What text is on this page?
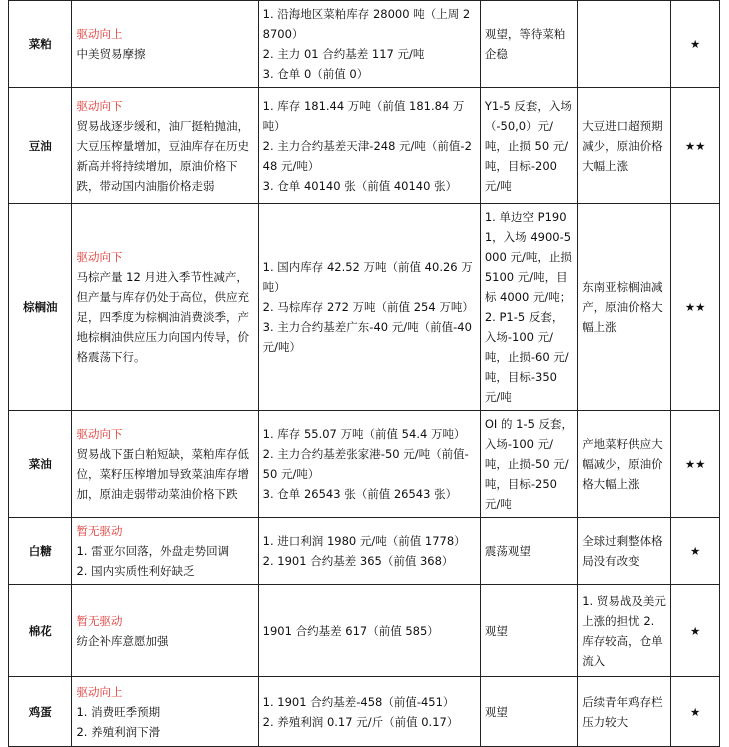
菜粕	驱动向上
中美贸易摩擦	1. 沿海地区菜粕库存 28000 吨（上周 28700）
2. 主力 01 合约基差 117 元/吨
3. 仓单 0（前值 0）	观望，等待菜粕企稳		★
豆油	驱动向下
贸易战逐步缓和，油厂挺粕抛油，大豆压榨量增加，豆油库存在历史新高并将持续增加，原油价格下跌，带动国内油脂价格走弱	1. 库存 181.44 万吨（前值 181.84 万吨）
2. 主力合约基差天津-248 元/吨（前值-248 元/吨）
3. 仓单 40140 张（前值 40140 张）	Y1-5 反套，入场（-50,0）元/吨，止损 50 元/吨，目标-200 元/吨	大豆进口超预期减少，原油价格大幅上涨	★★
棕榈油	驱动向下
马棕产量 12 月进入季节性减产，但产量与库存仍处于高位，供应充足，四季度为棕榈油消费淡季，产地棕榈油供应压力向国内传导，价格震荡下行。	1. 国内库存 42.52 万吨（前值 40.26 万吨）
2. 马棕库存 272 万吨（前值 254 万吨）
3. 主力合约基差广东-40 元/吨（前值-40 元/吨）	1. 单边空 P1901，入场 4900-5000 元/吨，止损 5100 元/吨，目标 4000 元/吨；2. P1-5 反套，入场-100 元/吨，止损-60 元/吨，目标-350 元/吨	东南亚棕榈油减产，原油价格大幅上涨	★★
菜油	驱动向下
贸易战下蛋白粕短缺，菜粕库存低位，菜籽压榨增加导致菜油库存增加，原油走弱带动菜油价格下跌	1. 库存 55.07 万吨（前值 54.4 万吨）
2. 主力合约基差张家港-50 元/吨（前值-50 元/吨）
3. 仓单 26543 张（前值 26543 张）	OI 的 1-5 反套，入场-100 元/吨，止损-50 元/吨，目标-250 元/吨	产地菜籽供应大幅减少，原油价格大幅上涨	★★
白糖	暂无驱动
1. 雷亚尔回落，外盘走势回调
2. 国内实质性利好缺乏	1. 进口利润 1980 元/吨（前值 1778）
2. 1901 合约基差 365（前值 368）	震荡观望	全球过剩整体格局没有改变	★
棉花	暂无驱动
纺企补库意愿加强	1901 合约基差 617（前值 585）	观望	1. 贸易战及美元上涨的担忧 2. 库存较高，仓单流入	★
鸡蛋	驱动向上
1. 消费旺季预期
2. 养殖利润下滑	1. 1901 合约基差-458（前值-451）
2. 养殖利润 0.17 元/斤（前值 0.17）	观望	后续青年鸡存栏压力较大	★
